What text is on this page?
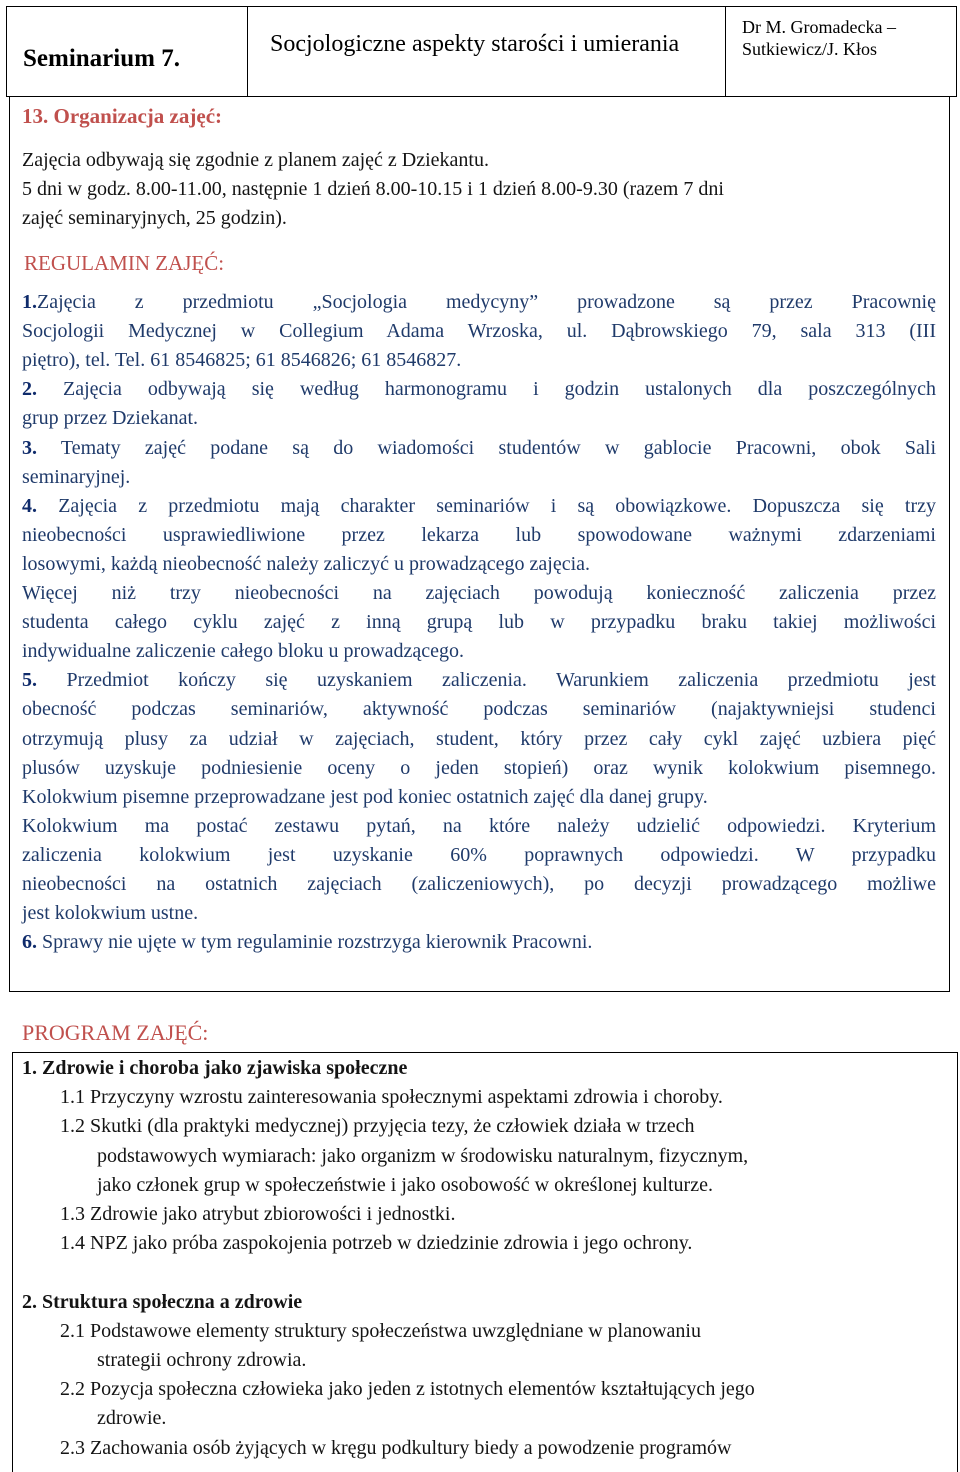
Seminarium 7.
Socjologiczne aspekty starości i umierania
Dr M. Gromadecka –
Sutkiewicz/J. Kłos
13. Organizacja zajęć:
Zajęcia odbywają się zgodnie z planem zajęć z Dziekantu.
5 dni w godz. 8.00-11.00, następnie 1 dzień 8.00-10.15 i 1 dzień 8.00-9.30 (razem 7 dni
zajęć seminaryjnych, 25 godzin).
REGULAMIN ZAJĘĆ:
1.Zajęcia z przedmiotu „Socjologia medycyny” prowadzone są przez Pracownię
Socjologii Medycznej w Collegium Adama Wrzoska, ul. Dąbrowskiego 79, sala 313 (III
piętro), tel. Tel. 61 8546825; 61 8546826; 61 8546827.
2. Zajęcia odbywają się według harmonogramu i godzin ustalonych dla poszczególnych
grup przez Dziekanat.
3. Tematy zajęć podane są do wiadomości studentów w gablocie Pracowni, obok Sali
seminaryjnej.
4. Zajęcia z przedmiotu mają charakter seminariów i są obowiązkowe. Dopuszcza się trzy
nieobecności usprawiedliwione przez lekarza lub spowodowane ważnymi zdarzeniami
losowymi, każdą nieobecność należy zaliczyć u prowadzącego zajęcia.
Więcej niż trzy nieobecności na zajęciach powodują konieczność zaliczenia przez
studenta całego cyklu zajęć z inną grupą lub w przypadku braku takiej możliwości
indywidualne zaliczenie całego bloku u prowadzącego.
5. Przedmiot kończy się uzyskaniem zaliczenia. Warunkiem zaliczenia przedmiotu jest
obecność podczas seminariów, aktywność podczas seminariów (najaktywniejsi studenci
otrzymują plusy za udział w zajęciach, student, który przez cały cykl zajęć uzbiera pięć
plusów uzyskuje podniesienie oceny o jeden stopień) oraz wynik kolokwium pisemnego.
Kolokwium pisemne przeprowadzane jest pod koniec ostatnich zajęć dla danej grupy.
Kolokwium ma postać zestawu pytań, na które należy udzielić odpowiedzi. Kryterium
zaliczenia kolokwium jest uzyskanie 60% poprawnych odpowiedzi. W przypadku
nieobecności na ostatnich zajęciach (zaliczeniowych), po decyzji prowadzącego możliwe
jest kolokwium ustne.
6. Sprawy nie ujęte w tym regulaminie rozstrzyga kierownik Pracowni.
PROGRAM ZAJĘĆ:
1. Zdrowie i choroba jako zjawiska społeczne
1.1 Przyczyny wzrostu zainteresowania społecznymi aspektami zdrowia i choroby.
1.2 Skutki (dla praktyki medycznej) przyjęcia tezy, że człowiek działa w trzech
podstawowych wymiarach: jako organizm w środowisku naturalnym, fizycznym,
jako członek grup w społeczeństwie i jako osobowość w określonej kulturze.
1.3 Zdrowie jako atrybut zbiorowości i jednostki.
1.4 NPZ jako próba zaspokojenia potrzeb w dziedzinie zdrowia i jego ochrony.
2. Struktura społeczna a zdrowie
2.1 Podstawowe elementy struktury społeczeństwa uwzględniane w planowaniu
strategii ochrony zdrowia.
2.2 Pozycja społeczna człowieka jako jeden z istotnych elementów kształtujących jego
zdrowie.
2.3 Zachowania osób żyjących w kręgu podkultury biedy a powodzenie programów
